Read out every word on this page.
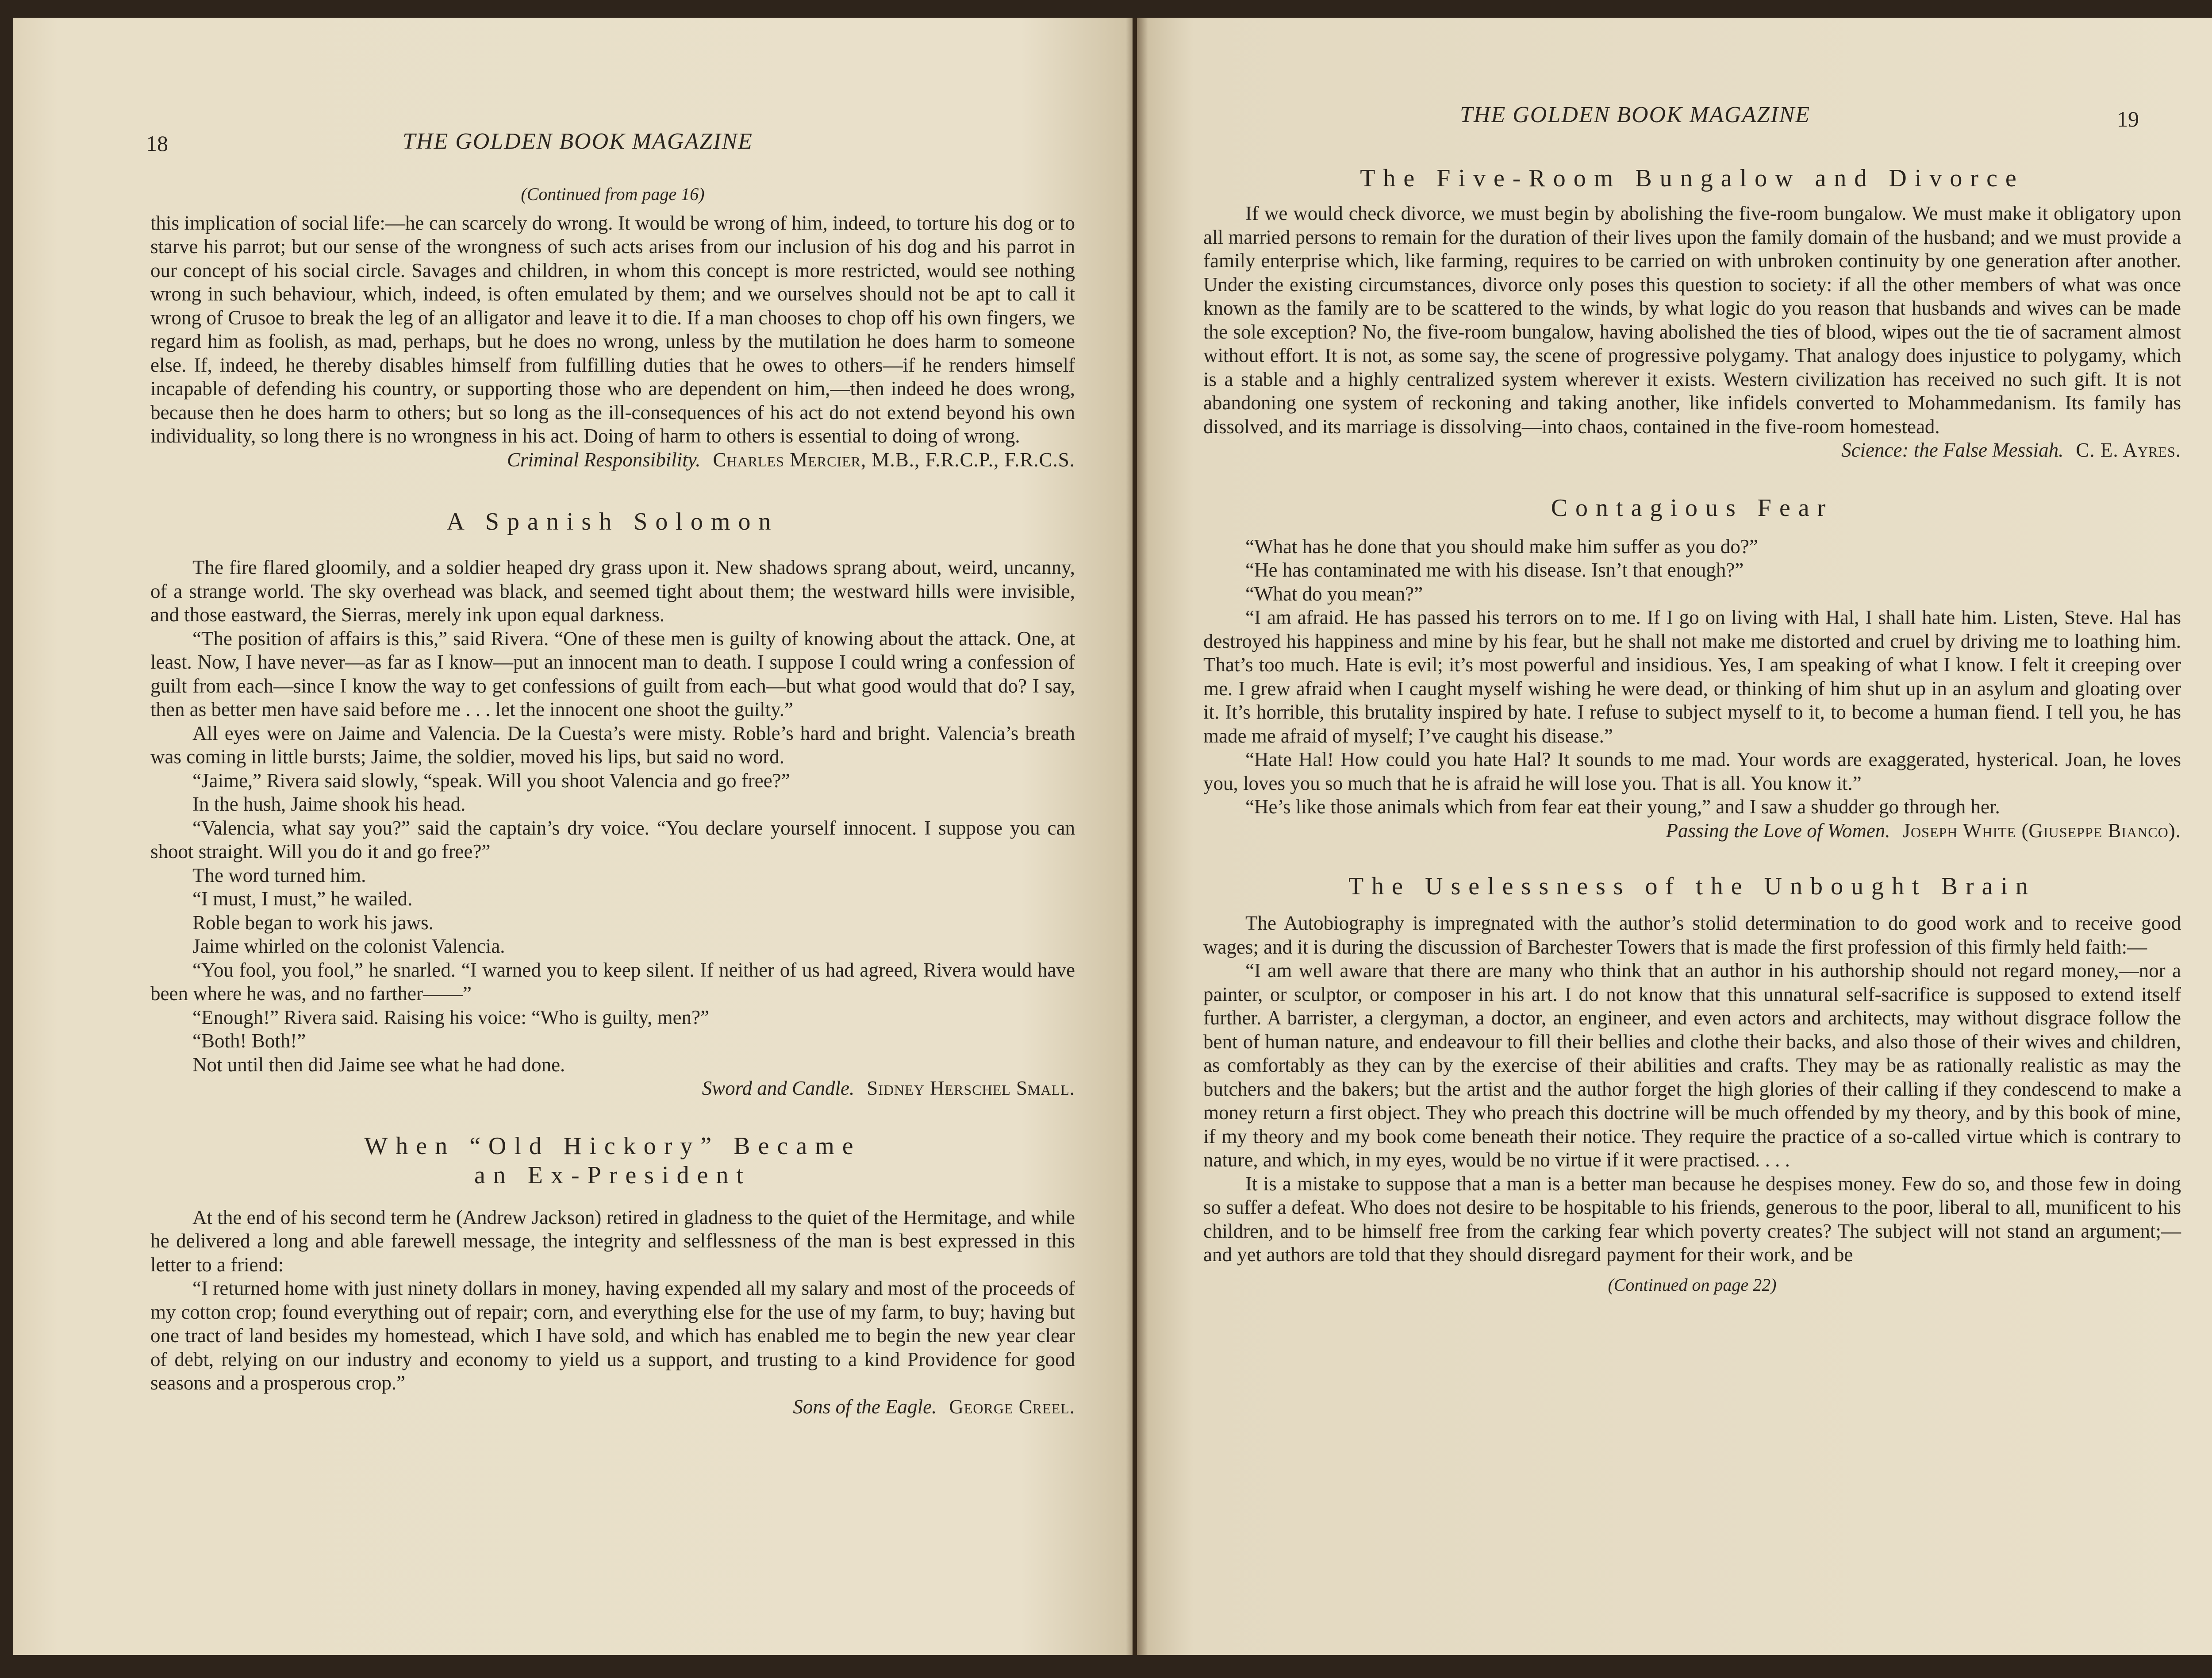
18	THE GOLDEN BOOK MAGAZINE

(Continued from page 16)

this implication of social life:—he can scarcely do wrong. It would be wrong of him, indeed, to torture his dog or to starve his parrot; but our sense of the wrongness of such acts arises from our inclusion of his dog and his parrot in our concept of his social circle. Savages and children, in whom this concept is more restricted, would see nothing wrong in such behaviour, which, indeed, is often emulated by them; and we ourselves should not be apt to call it wrong of Crusoe to break the leg of an alligator and leave it to die. If a man chooses to chop off his own fingers, we regard him as foolish, as mad, perhaps, but he does no wrong, unless by the mutilation he does harm to someone else. If, indeed, he thereby disables himself from fulfilling duties that he owes to others—if he renders himself incapable of defending his country, or supporting those who are dependent on him,—then indeed he does wrong, because then he does harm to others; but so long as the ill-consequences of his act do not extend beyond his own individuality, so long there is no wrongness in his act. Doing of harm to others is essential to doing of wrong.

Criminal Responsibility. Charles Mercier, M.B., F.R.C.P., F.R.C.S.
A Spanish Solomon

The fire flared gloomily, and a soldier heaped dry grass upon it. New shadows sprang about, weird, uncanny, of a strange world. The sky overhead was black, and seemed tight about them; the westward hills were invisible, and those eastward, the Sierras, merely ink upon equal darkness.

“The position of affairs is this,” said Rivera. “One of these men is guilty of knowing about the attack. One, at least. Now, I have never—as far as I know—put an innocent man to death. I suppose I could wring a confession of guilt from each—since I know the way to get confessions of guilt from each—but what good would that do? I say, then as better men have said before me . . . let the innocent one shoot the guilty.”

All eyes were on Jaime and Valencia. De la Cuesta’s were misty. Roble’s hard and bright. Valencia’s breath was coming in little bursts; Jaime, the soldier, moved his lips, but said no word.

“Jaime,” Rivera said slowly, “speak. Will you shoot Valencia and go free?”

In the hush, Jaime shook his head.

“Valencia, what say you?” said the captain’s dry voice. “You declare yourself innocent. I suppose you can shoot straight. Will you do it and go free?”

The word turned him.

“I must, I must,” he wailed.

Roble began to work his jaws.

Jaime whirled on the colonist Valencia.

“You fool, you fool,” he snarled. “I warned you to keep silent. If neither of us had agreed, Rivera would have been where he was, and no farther——”

“Enough!” Rivera said. Raising his voice: “Who is guilty, men?”

“Both! Both!”

Not until then did Jaime see what he had done.

Sword and Candle. Sidney Herschel Small.
When “Old Hickory” Became
an Ex-President

At the end of his second term he (Andrew Jackson) retired in gladness to the quiet of the Hermitage, and while he delivered a long and able farewell message, the integrity and selflessness of the man is best expressed in this letter to a friend:

“I returned home with just ninety dollars in money, having expended all my salary and most of the proceeds of my cotton crop; found everything out of repair; corn, and everything else for the use of my farm, to buy; having but one tract of land besides my homestead, which I have sold, and which has enabled me to begin the new year clear of debt, relying on our industry and economy to yield us a support, and trusting to a kind Providence for good seasons and a prosperous crop.”

Sons of the Eagle. George Creel.
THE GOLDEN BOOK MAGAZINE	19
The Five-Room Bungalow and Divorce

If we would check divorce, we must begin by abolishing the five-room bungalow. We must make it obligatory upon all married persons to remain for the duration of their lives upon the family domain of the husband; and we must provide a family enterprise which, like farming, requires to be carried on with unbroken continuity by one generation after another. Under the existing circumstances, divorce only poses this question to society: if all the other members of what was once known as the family are to be scattered to the winds, by what logic do you reason that husbands and wives can be made the sole exception? No, the five-room bungalow, having abolished the ties of blood, wipes out the tie of sacrament almost without effort. It is not, as some say, the scene of progressive polygamy. That analogy does injustice to polygamy, which is a stable and a highly centralized system wherever it exists. Western civilization has received no such gift. It is not abandoning one system of reckoning and taking another, like infidels converted to Mohammedanism. Its family has dissolved, and its marriage is dissolving—into chaos, contained in the five-room homestead.

Science: the False Messiah. C. E. Ayres.
Contagious Fear

“What has he done that you should make him suffer as you do?”

“He has contaminated me with his disease. Isn’t that enough?”

“What do you mean?”

“I am afraid. He has passed his terrors on to me. If I go on living with Hal, I shall hate him. Listen, Steve. Hal has destroyed his happiness and mine by his fear, but he shall not make me distorted and cruel by driving me to loathing him. That’s too much. Hate is evil; it’s most powerful and insidious. Yes, I am speaking of what I know. I felt it creeping over me. I grew afraid when I caught myself wishing he were dead, or thinking of him shut up in an asylum and gloating over it. It’s horrible, this brutality inspired by hate. I refuse to subject myself to it, to become a human fiend. I tell you, he has made me afraid of myself; I’ve caught his disease.”

“Hate Hal! How could you hate Hal? It sounds to me mad. Your words are exaggerated, hysterical. Joan, he loves you, loves you so much that he is afraid he will lose you. That is all. You know it.”

“He’s like those animals which from fear eat their young,” and I saw a shudder go through her.

Passing the Love of Women. Joseph White (Giuseppe Bianco).
The Uselessness of the Unbought Brain

The Autobiography is impregnated with the author’s stolid determination to do good work and to receive good wages; and it is during the discussion of Barchester Towers that is made the first profession of this firmly held faith:—

“I am well aware that there are many who think that an author in his authorship should not regard money,—nor a painter, or sculptor, or composer in his art. I do not know that this unnatural self-sacrifice is supposed to extend itself further. A barrister, a clergyman, a doctor, an engineer, and even actors and architects, may without disgrace follow the bent of human nature, and endeavour to fill their bellies and clothe their backs, and also those of their wives and children, as comfortably as they can by the exercise of their abilities and crafts. They may be as rationally realistic as may the butchers and the bakers; but the artist and the author forget the high glories of their calling if they condescend to make a money return a first object. They who preach this doctrine will be much offended by my theory, and by this book of mine, if my theory and my book come beneath their notice. They require the practice of a so-called virtue which is contrary to nature, and which, in my eyes, would be no virtue if it were practised. . . .

It is a mistake to suppose that a man is a better man because he despises money. Few do so, and those few in doing so suffer a defeat. Who does not desire to be hospitable to his friends, generous to the poor, liberal to all, munificent to his children, and to be himself free from the carking fear which poverty creates? The subject will not stand an argument;—and yet authors are told that they should disregard payment for their work, and be

(Continued on page 22)
